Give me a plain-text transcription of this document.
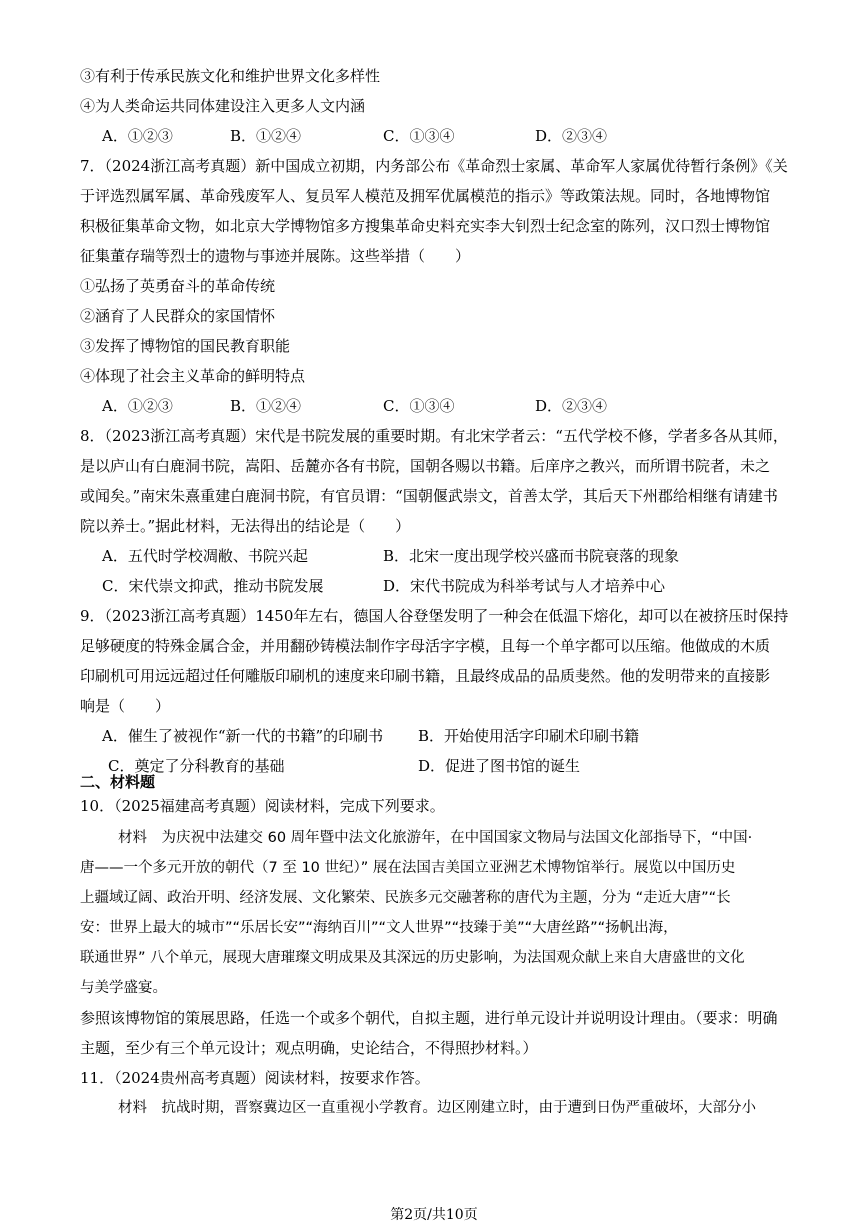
③有利于传承民族文化和维护世界文化多样性
④为人类命运共同体建设注入更多人文内涵
A．①②③	B．①②④	C．①③④	D．②③④
7．（2024浙江高考真题）新中国成立初期，内务部公布《革命烈士家属、革命军人家属优待暂行条例》《关
于评选烈属军属、革命残废军人、复员军人模范及拥军优属模范的指示》等政策法规。同时，各地博物馆
积极征集革命文物，如北京大学博物馆多方搜集革命史料充实李大钊烈士纪念室的陈列，汉口烈士博物馆
征集董存瑞等烈士的遗物与事迹并展陈。这些举措（　　）
①弘扬了英勇奋斗的革命传统
②涵育了人民群众的家国情怀
③发挥了博物馆的国民教育职能
④体现了社会主义革命的鲜明特点
A．①②③	B．①②④	C．①③④	D．②③④
8．（2023浙江高考真题）宋代是书院发展的重要时期。有北宋学者云：“五代学校不修，学者多各从其师，
是以庐山有白鹿洞书院，嵩阳、岳麓亦各有书院，国朝各赐以书籍。后庠序之教兴，而所谓书院者，未之
或闻矣。”南宋朱熹重建白鹿洞书院，有官员谓：“国朝偃武崇文，首善太学，其后天下州郡给相继有请建书
院以养士。”据此材料，无法得出的结论是（　　）
A．五代时学校凋敝、书院兴起	B．北宋一度出现学校兴盛而书院衰落的现象
C．宋代崇文抑武，推动书院发展	D．宋代书院成为科举考试与人才培养中心
9．（2023浙江高考真题）1450年左右，德国人谷登堡发明了一种会在低温下熔化，却可以在被挤压时保持
足够硬度的特殊金属合金，并用翻砂铸模法制作字母活字字模，且每一个单字都可以压缩。他做成的木质
印刷机可用远远超过任何雕版印刷机的速度来印刷书籍，且最终成品的品质斐然。他的发明带来的直接影
响是（　　）
A．催生了被视作“新一代的书籍”的印刷书 B．开始使用活字印刷术印刷书籍
C．奠定了分科教育的基础	D．促进了图书馆的诞生
二、材料题
10．（2025福建高考真题）阅读材料，完成下列要求。
材料　为庆祝中法建交 60 周年暨中法文化旅游年，在中国国家文物局与法国文化部指导下，“中国·
唐——一个多元开放的朝代（7 至 10 世纪）” 展在法国吉美国立亚洲艺术博物馆举行。展览以中国历史
上疆域辽阔、政治开明、经济发展、文化繁荣、民族多元交融著称的唐代为主题，分为 “走近大唐”“长
安：世界上最大的城市”“乐居长安”“海纳百川”“文人世界”“技臻于美”“大唐丝路”“扬帆出海，
联通世界” 八个单元，展现大唐璀璨文明成果及其深远的历史影响，为法国观众献上来自大唐盛世的文化
与美学盛宴。
参照该博物馆的策展思路，任选一个或多个朝代，自拟主题，进行单元设计并说明设计理由。（要求：明确
主题，至少有三个单元设计；观点明确，史论结合，不得照抄材料。）
11．（2024贵州高考真题）阅读材料，按要求作答。
材料　抗战时期，晋察冀边区一直重视小学教育。边区刚建立时，由于遭到日伪严重破坏，大部分小
第2页/共10页
